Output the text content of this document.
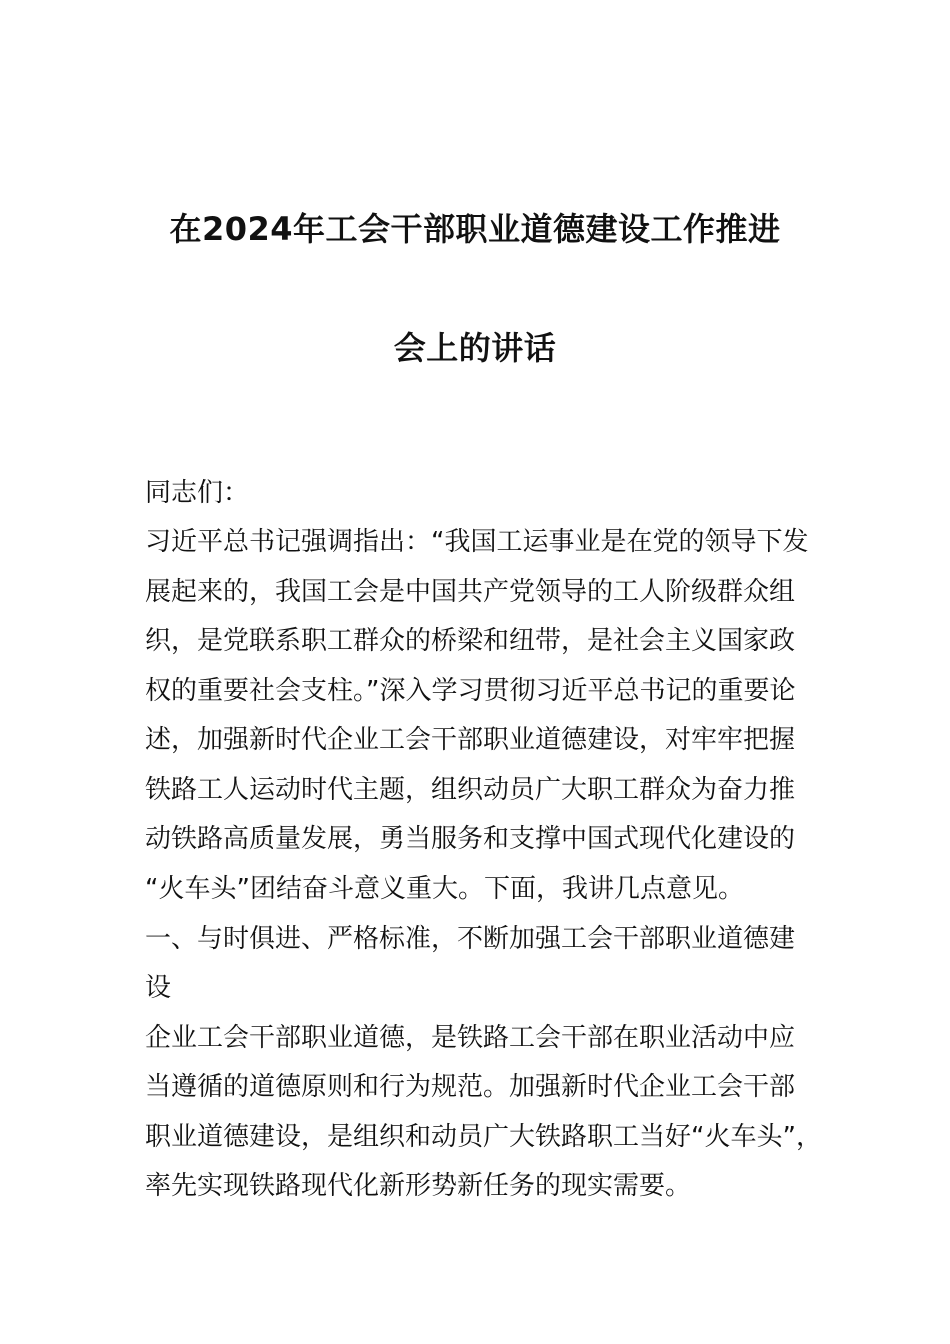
在2024年工会干部职业道德建设工作推进
会上的讲话
同志们：
习近平总书记强调指出：“我国工运事业是在党的领导下发
展起来的，我国工会是中国共产党领导的工人阶级群众组
织，是党联系职工群众的桥梁和纽带，是社会主义国家政
权的重要社会支柱。”深入学习贯彻习近平总书记的重要论
述，加强新时代企业工会干部职业道德建设，对牢牢把握
铁路工人运动时代主题，组织动员广大职工群众为奋力推
动铁路高质量发展，勇当服务和支撑中国式现代化建设的
“火车头”团结奋斗意义重大。下面，我讲几点意见。
一、与时俱进、严格标准，不断加强工会干部职业道德建
设
企业工会干部职业道德，是铁路工会干部在职业活动中应
当遵循的道德原则和行为规范。加强新时代企业工会干部
职业道德建设，是组织和动员广大铁路职工当好“火车头”，
率先实现铁路现代化新形势新任务的现实需要。
